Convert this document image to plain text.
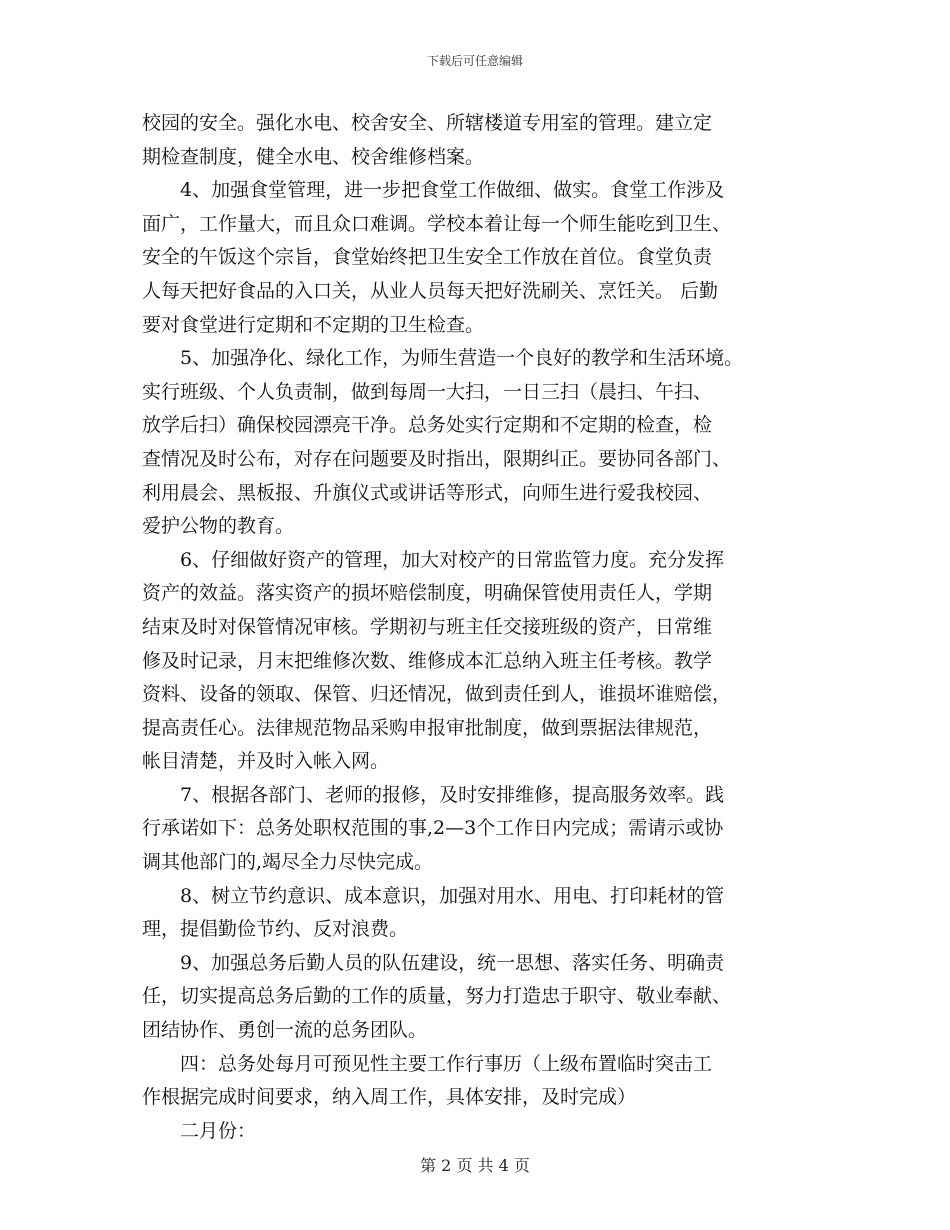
下载后可任意编辑
校园的安全。强化水电、校舍安全、所辖楼道专用室的管理。建立定
期检查制度，健全水电、校舍维修档案。
　　4、加强食堂管理，进一步把食堂工作做细、做实。食堂工作涉及
面广，工作量大，而且众口难调。学校本着让每一个师生能吃到卫生、
安全的午饭这个宗旨，食堂始终把卫生安全工作放在首位。食堂负责
人每天把好食品的入口关，从业人员每天把好洗刷关、烹饪关。 后勤
要对食堂进行定期和不定期的卫生检查。
　　5、加强净化、绿化工作，为师生营造一个良好的教学和生活环境。
实行班级、个人负责制，做到每周一大扫，一日三扫（晨扫、午扫、
放学后扫）确保校园漂亮干净。总务处实行定期和不定期的检查，检
查情况及时公布，对存在问题要及时指出，限期纠正。要协同各部门、
利用晨会、黑板报、升旗仪式或讲话等形式，向师生进行爱我校园、
爱护公物的教育。
　　6、仔细做好资产的管理，加大对校产的日常监管力度。充分发挥
资产的效益。落实资产的损坏赔偿制度，明确保管使用责任人，学期
结束及时对保管情况审核。学期初与班主任交接班级的资产，日常维
修及时记录，月末把维修次数、维修成本汇总纳入班主任考核。教学
资料、设备的领取、保管、归还情况，做到责任到人，谁损坏谁赔偿，
提高责任心。法律规范物品采购申报审批制度，做到票据法律规范，
帐目清楚，并及时入帐入网。
　　7、根据各部门、老师的报修，及时安排维修，提高服务效率。践
行承诺如下：总务处职权范围的事,2—3个工作日内完成；需请示或协
调其他部门的,竭尽全力尽快完成。
　　8、树立节约意识、成本意识，加强对用水、用电、打印耗材的管
理，提倡勤俭节约、反对浪费。
　　9、加强总务后勤人员的队伍建设，统一思想、落实任务、明确责
任，切实提高总务后勤的工作的质量，努力打造忠于职守、敬业奉献、
团结协作、勇创一流的总务团队。
　　四：总务处每月可预见性主要工作行事历（上级布置临时突击工
作根据完成时间要求，纳入周工作，具体安排，及时完成）
　　二月份：
第 2 页 共 4 页
